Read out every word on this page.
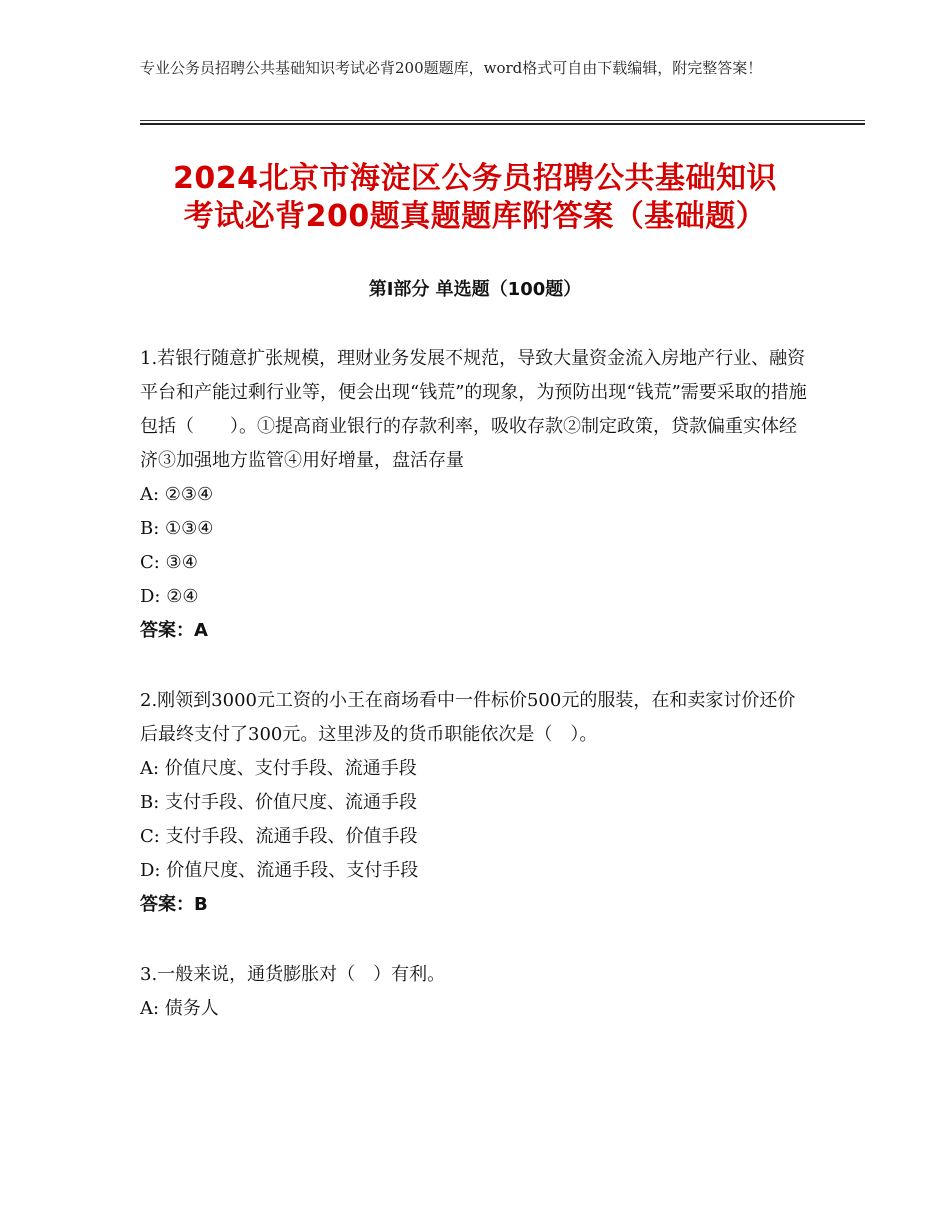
专业公务员招聘公共基础知识考试必背200题题库，word格式可自由下载编辑，附完整答案！
2024北京市海淀区公务员招聘公共基础知识
考试必背200题真题题库附答案（基础题）
第Ⅰ部分 单选题（100题）

1.若银行随意扩张规模，理财业务发展不规范，导致大量资金流入房地产行业、融资平台和产能过剩行业等，便会出现“钱荒”的现象，为预防出现“钱荒”需要采取的措施包括（　　）。①提高商业银行的存款利率，吸收存款②制定政策，贷款偏重实体经济③加强地方监管④用好增量，盘活存量

A: ②③④

B: ①③④

C: ③④

D: ②④

答案：A

2.刚领到3000元工资的小王在商场看中一件标价500元的服装，在和卖家讨价还价后最终支付了300元。这里涉及的货币职能依次是（　）。

A: 价值尺度、支付手段、流通手段

B: 支付手段、价值尺度、流通手段

C: 支付手段、流通手段、价值手段

D: 价值尺度、流通手段、支付手段

答案：B

3.一般来说，通货膨胀对（　）有利。

A: 债务人
